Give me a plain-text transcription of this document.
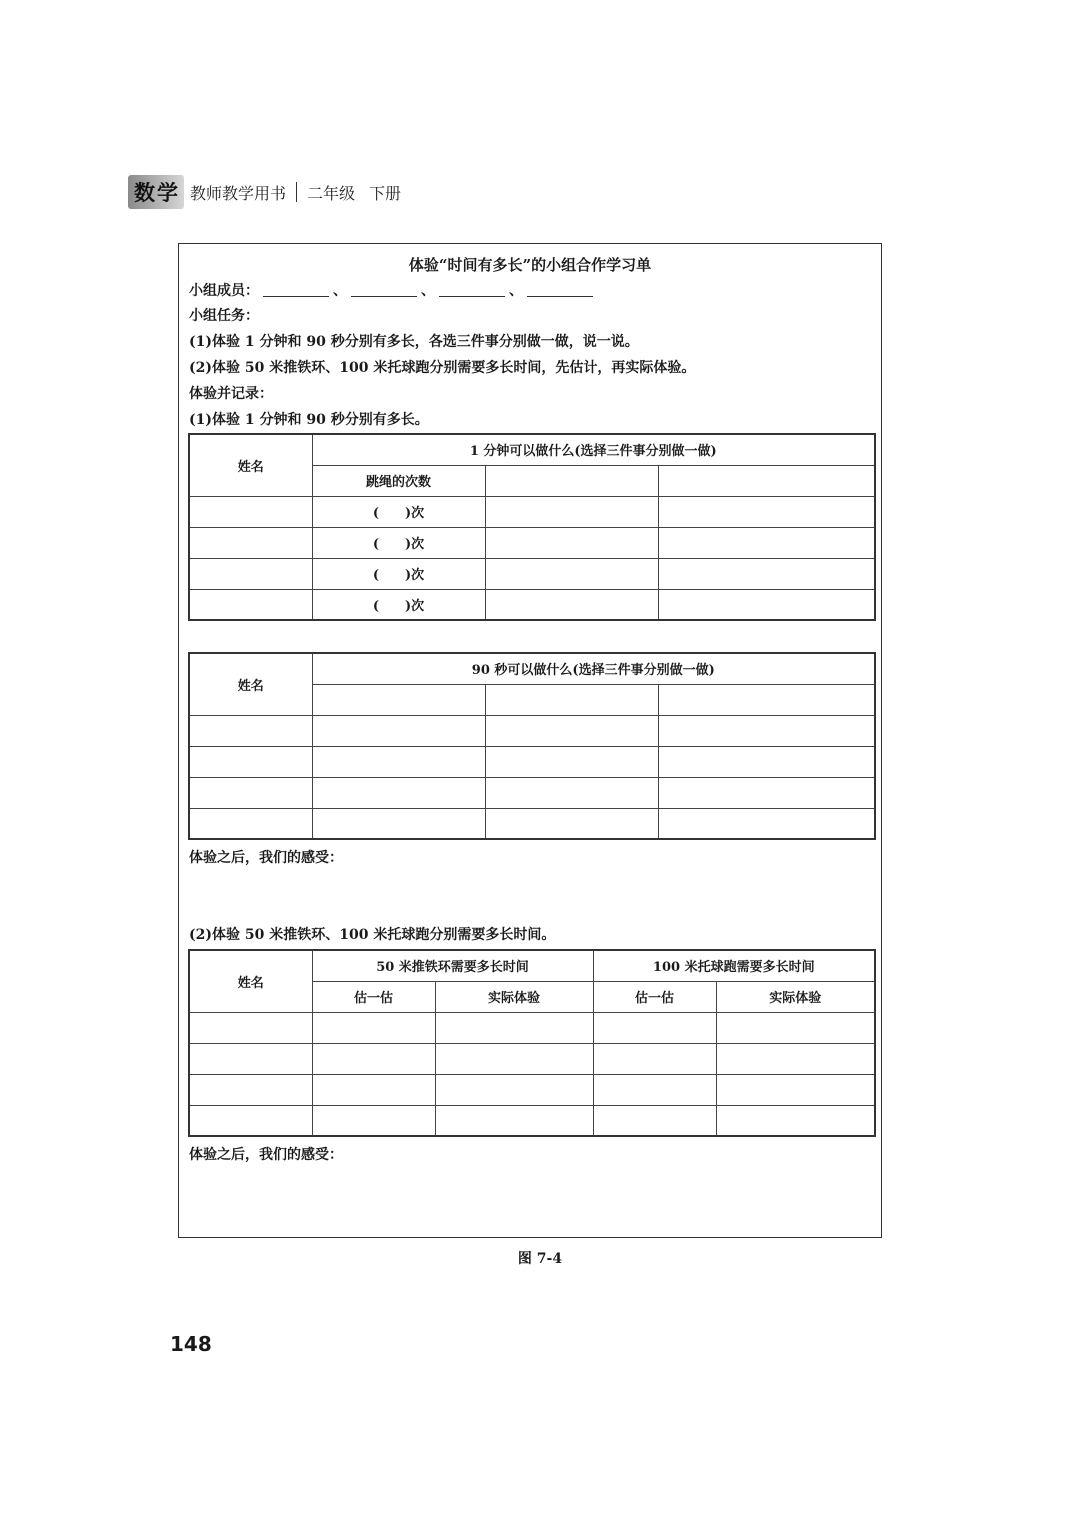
数 学 教师教学用书 二年级 下册
体验“时间有多长”的小组合作学习单
小组成员：	、	、	、
小组任务：
(1)体验 1 分钟和 90 秒分别有多长，各选三件事分别做一做，说一说。
(2)体验 50 米推铁环、100 米托球跑分别需要多长时间，先估计，再实际体验。
体验并记录：
(1)体验 1 分钟和 90 秒分别有多长。
姓名	1 分钟可以做什么(选择三件事分别做一做)		
	跳绳的次数		
	(　　)次		
	(　　)次		
	(　　)次		
	(　　)次		
姓名	90 秒可以做什么(选择三件事分别做一做)		

体验之后，我们的感受：
(2)体验 50 米推铁环、100 米托球跑分别需要多长时间。
姓名	50 米推铁环需要多长时间		100 米托球跑需要多长时间	
	估一估	实际体验	估一估	实际体验

体验之后，我们的感受：
图 7-4
148
